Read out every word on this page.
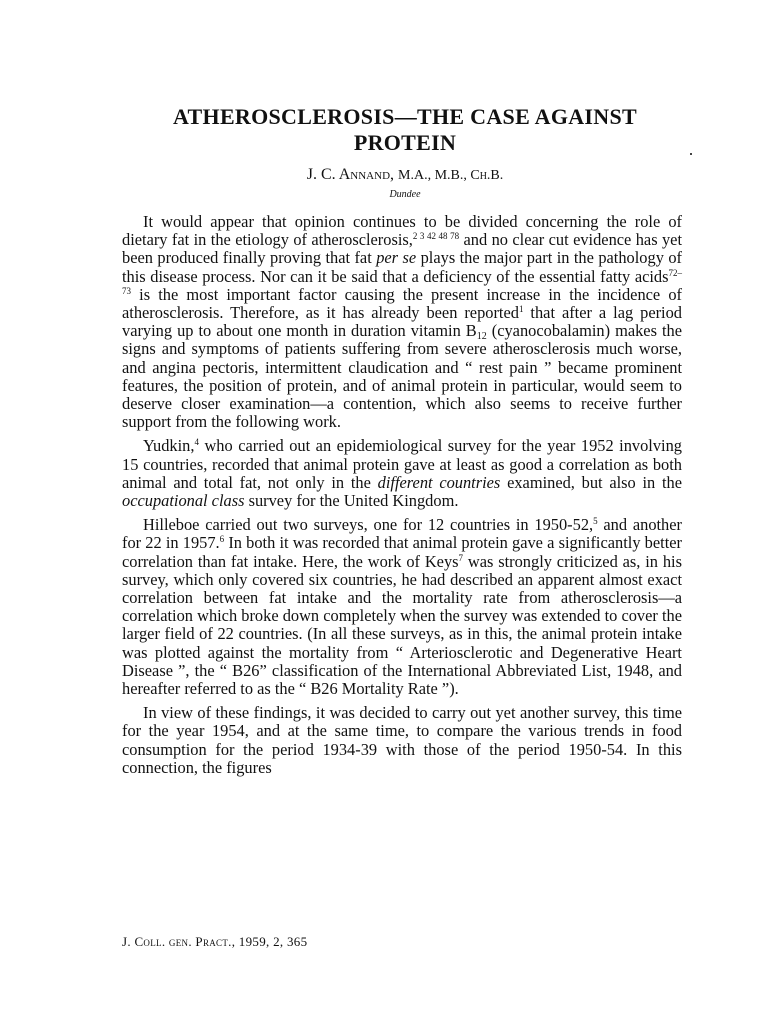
ATHEROSCLEROSIS—THE CASE AGAINST
PROTEIN
J. C. Annand, M.A., M.B., Ch.B.
Dundee

It would appear that opinion continues to be divided concerning the role of dietary fat in the etiology of atherosclerosis,$^{2 3 42 48 78}$ and no clear cut evidence has yet been produced finally proving that fat per se plays the major part in the pathology of this disease process. Nor can it be said that a deficiency of the essential fatty acids$^{72-73}$ is the most important factor causing the present increase in the incidence of atherosclerosis. Therefore, as it has already been reported$^1$ that after a lag period varying up to about one month in duration vitamin $B_{12}$ (cyanocobalamin) makes the signs and symptoms of patients suffering from severe atherosclerosis much worse, and angina pectoris, intermittent claudication and “ rest pain ” became prominent features, the position of protein, and of animal protein in particular, would seem to deserve closer examination—a contention, which also seems to receive further support from the following work.

Yudkin,$^4$ who carried out an epidemiological survey for the year 1952 involving 15 countries, recorded that animal protein gave at least as good a correlation as both animal and total fat, not only in the different countries examined, but also in the occupational class survey for the United Kingdom.

Hilleboe carried out two surveys, one for 12 countries in 1950-52,$^5$ and another for 22 in 1957.$^6$ In both it was recorded that animal protein gave a significantly better correlation than fat intake. Here, the work of Keys$^7$ was strongly criticized as, in his survey, which only covered six countries, he had described an apparent almost exact correlation between fat intake and the mortality rate from atherosclerosis—a correlation which broke down completely when the survey was extended to cover the larger field of 22 countries. (In all these surveys, as in this, the animal protein intake was plotted against the mortality from “ Arteriosclerotic and Degenerative Heart Disease ”, the “ B26” classification of the International Abbreviated List, 1948, and hereafter referred to as the “ B26 Mortality Rate ”).

In view of these findings, it was decided to carry out yet another survey, this time for the year 1954, and at the same time, to compare the various trends in food consumption for the period 1934-39 with those of the period 1950-54. In this connection, the figures

J. Coll. gen. Pract., 1959, 2, 365
